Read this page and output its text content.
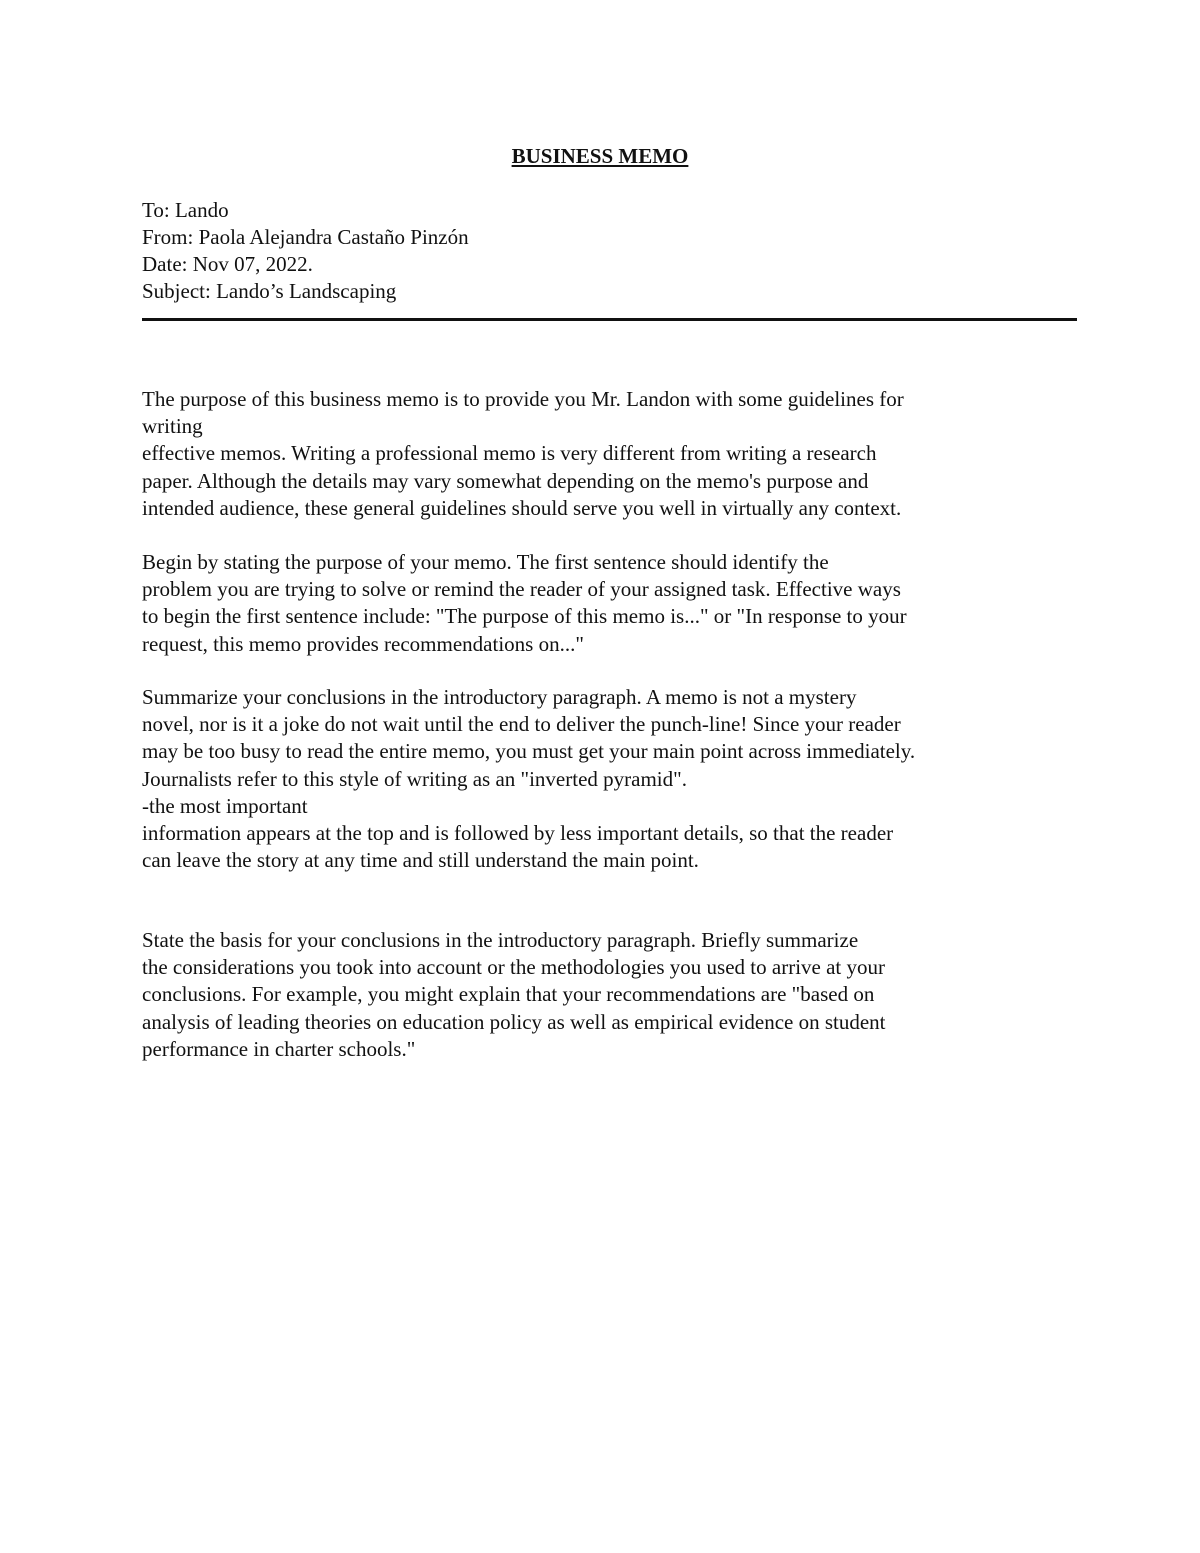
BUSINESS MEMO
To: Lando
From: Paola Alejandra Castaño Pinzón
Date: Nov 07, 2022.
Subject: Lando’s Landscaping
The purpose of this business memo is to provide you Mr. Landon with some guidelines for
writing
effective memos. Writing a professional memo is very different from writing a research
paper. Although the details may vary somewhat depending on the memo's purpose and
intended audience, these general guidelines should serve you well in virtually any context.
Begin by stating the purpose of your memo. The first sentence should identify the
problem you are trying to solve or remind the reader of your assigned task. Effective ways
to begin the first sentence include: "The purpose of this memo is..." or "In response to your
request, this memo provides recommendations on..."
Summarize your conclusions in the introductory paragraph. A memo is not a mystery
novel, nor is it a joke do not wait until the end to deliver the punch-line! Since your reader
may be too busy to read the entire memo, you must get your main point across immediately.
Journalists refer to this style of writing as an "inverted pyramid".
-the most important
information appears at the top and is followed by less important details, so that the reader
can leave the story at any time and still understand the main point.
State the basis for your conclusions in the introductory paragraph. Briefly summarize
the considerations you took into account or the methodologies you used to arrive at your
conclusions. For example, you might explain that your recommendations are "based on
analysis of leading theories on education policy as well as empirical evidence on student
performance in charter schools."
